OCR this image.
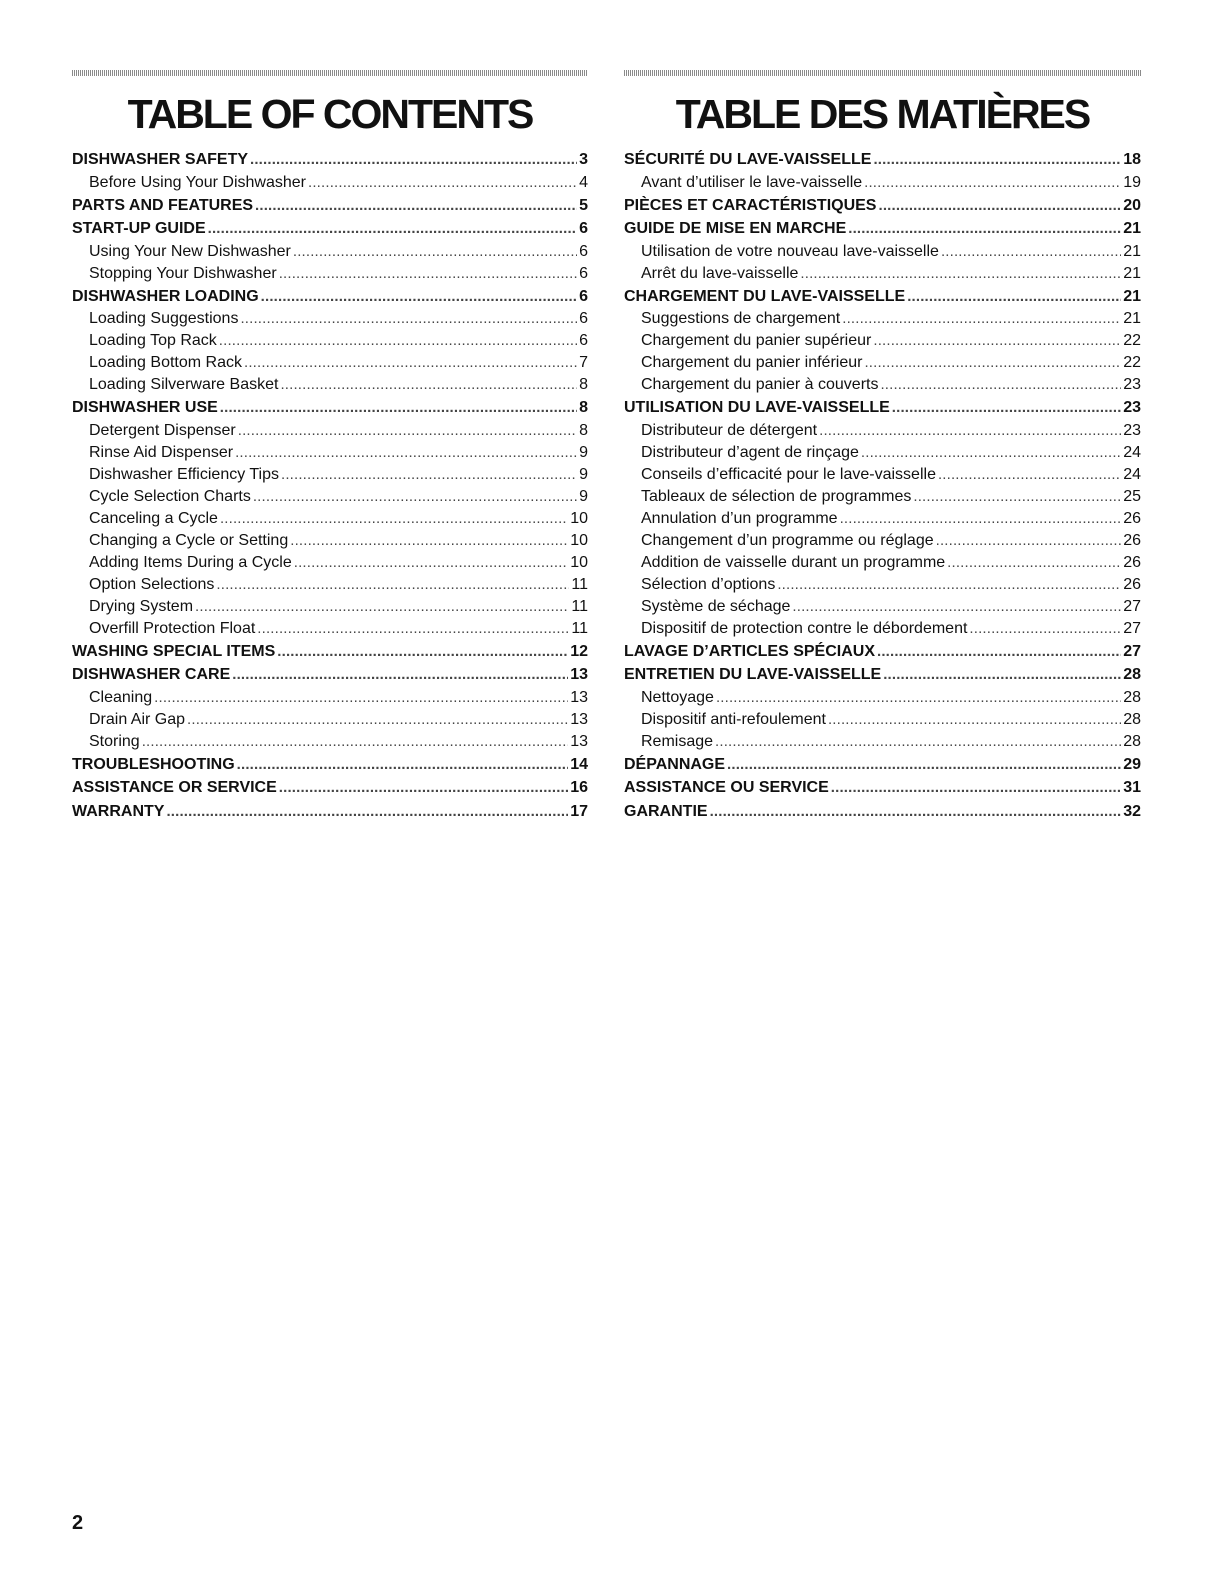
TABLE OF CONTENTS
DISHWASHER SAFETY . . .	3
Before Using Your Dishwasher . . .	4
PARTS AND FEATURES . . .	5
START-UP GUIDE . . .	6
Using Your New Dishwasher . . .	6
Stopping Your Dishwasher . . .	6
DISHWASHER LOADING . . .	6
Loading Suggestions . . .	6
Loading Top Rack . . .	6
Loading Bottom Rack . . .	7
Loading Silverware Basket . . .	8
DISHWASHER USE . . .	8
Detergent Dispenser . . .	8
Rinse Aid Dispenser . . .	9
Dishwasher Efficiency Tips . . .	9
Cycle Selection Charts . . .	9
Canceling a Cycle . . .	10
Changing a Cycle or Setting . . .	10
Adding Items During a Cycle . . .	10
Option Selections . . .	11
Drying System . . .	11
Overfill Protection Float . . .	11
WASHING SPECIAL ITEMS . . .	12
DISHWASHER CARE . . .	13
Cleaning . . .	13
Drain Air Gap . . .	13
Storing . . .	13
TROUBLESHOOTING . . .	14
ASSISTANCE OR SERVICE . . .	16
WARRANTY . . .	17
TABLE DES MATIÈRES
SÉCURITÉ DU LAVE-VAISSELLE . . .	18
Avant d’utiliser le lave-vaisselle . . .	19
PIÈCES ET CARACTÉRISTIQUES . . .	20
GUIDE DE MISE EN MARCHE . . .	21
Utilisation de votre nouveau lave-vaisselle . . .	21
Arrêt du lave-vaisselle . . .	21
CHARGEMENT DU LAVE-VAISSELLE . . .	21
Suggestions de chargement . . .	21
Chargement du panier supérieur . . .	22
Chargement du panier inférieur . . .	22
Chargement du panier à couverts . . .	23
UTILISATION DU LAVE-VAISSELLE . . .	23
Distributeur de détergent . . .	23
Distributeur d’agent de rinçage . . .	24
Conseils d’efficacité pour le lave-vaisselle . . .	24
Tableaux de sélection de programmes . . .	25
Annulation d’un programme . . .	26
Changement d’un programme ou réglage . . .	26
Addition de vaisselle durant un programme . . .	26
Sélection d’options . . .	26
Système de séchage . . .	27
Dispositif de protection contre le débordement . . .	27
LAVAGE D’ARTICLES SPÉCIAUX . . .	27
ENTRETIEN DU LAVE-VAISSELLE . . .	28
Nettoyage . . .	28
Dispositif anti-refoulement . . .	28
Remisage . . .	28
DÉPANNAGE . . .	29
ASSISTANCE OU SERVICE . . .	31
GARANTIE . . .	32
2
